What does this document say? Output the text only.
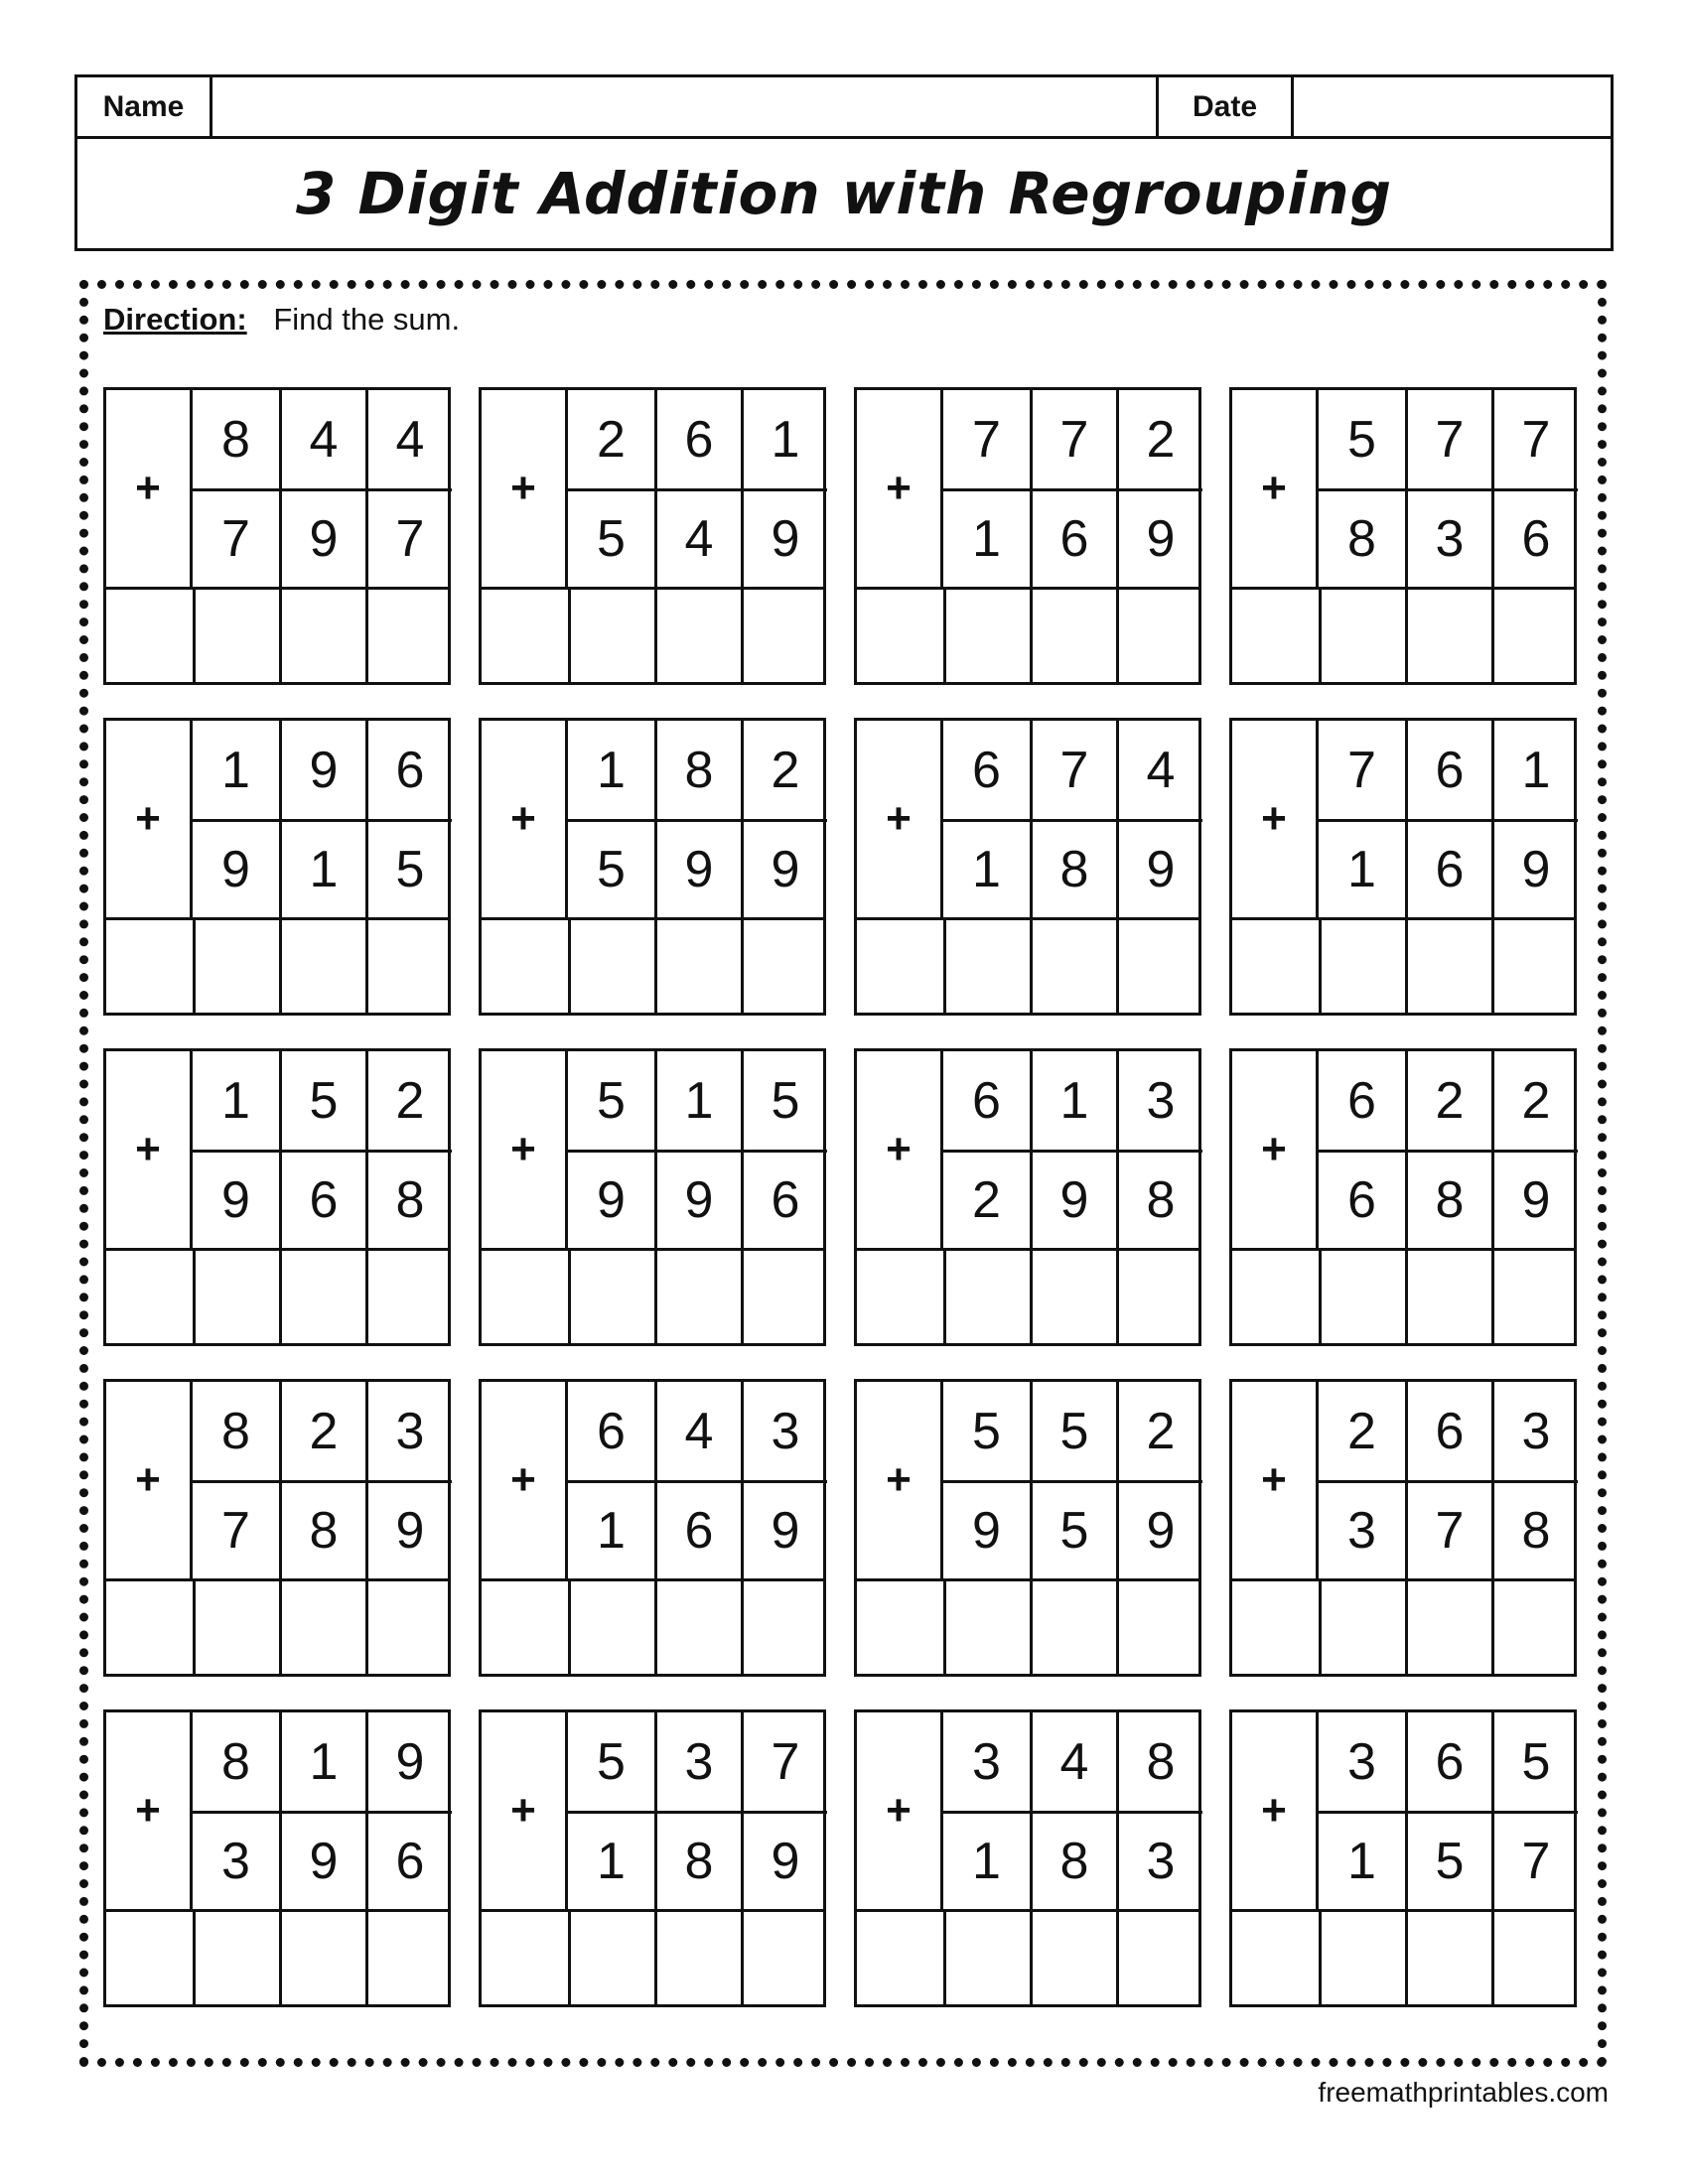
Name	Date
3 Digit Addition with Regrouping
Direction: Find the sum.
+
8	4	4
7	9	7
+
2	6	1
5	4	9
+
7	7	2
1	6	9
+
5	7	7
8	3	6
+
1	9	6
9	1	5
+
1	8	2
5	9	9
+
6	7	4
1	8	9
+
7	6	1
1	6	9
+
1	5	2
9	6	8
+
5	1	5
9	9	6
+
6	1	3
2	9	8
+
6	2	2
6	8	9
+
8	2	3
7	8	9
+
6	4	3
1	6	9
+
5	5	2
9	5	9
+
2	6	3
3	7	8
+
8	1	9
3	9	6
+
5	3	7
1	8	9
+
3	4	8
1	8	3
+
3	6	5
1	5	7
freemathprintables.com
